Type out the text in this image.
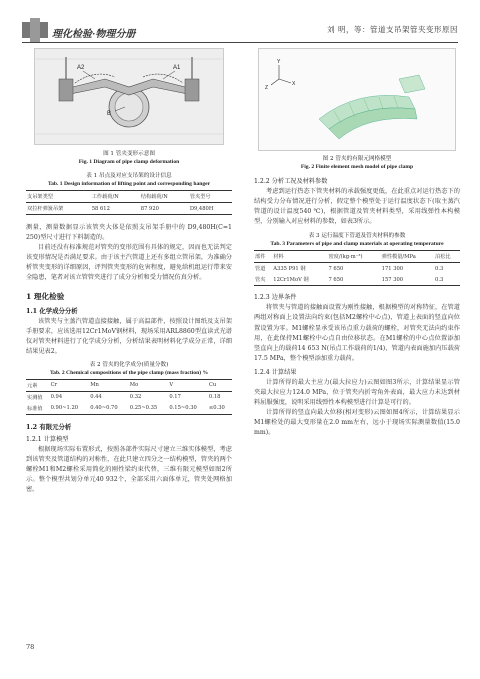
理化检验·物理分册	刘 明，等：管道支吊架管夹变形原因
A2	A1
B
图 1 管夹变形示意图
Fig. 1 Diagram of pipe clamp deformation
表 1 吊点及对应支吊架的设计信息
Tab. 1 Design information of lifting point and corresponding hanger
支吊架类型	工作载荷/N	结构载荷/N	管夹型号
双拉杆弹簧吊架	58 612	87 920	D9,480H

测量，测量数据显示该管夹大体是依照支吊架手册中的 D9,480H(C=1 250)型尺寸进行下料制造的。

目前还没有标准规范对管夹的变形范围有具体的规定，因而也无法判定该变形情况是否满足要求。由于该主汽管道上还有多组立管吊架，为准确分析管夹变形的详细原因，评判管夹变形的危害程度，避免给机组运行带来安全隐患，笔者对该立管管夹进行了成分分析和受力情况仿真分析。

1 理化检验
1.1 化学成分分析

该管夹与主蒸汽管道直接接触，属于高温部件，按照设计图纸及支吊架手册要求，应该选用12Cr1MoV钢材料，现场采用ARL8860型直读式光谱仪对管夹材料进行了化学成分分析，分析结果表明材料化学成分正常，详细结果见表2。

表 2 管夹的化学成分(质量分数)
Tab. 2 Chemical compositions of the pipe clamp (mass fraction) %
元素	Cr	Mn	Mo	V	Cu
实测值	0.94	0.44	0.32	0.17	0.18
标准值	0.90~1.20	0.40~0.70	0.25~0.35	0.15~0.30	≤0.30
1.2 有限元分析
1.2.1 计算模型

根据现场实际布置形式，按照各部件实际尺寸建立三维实体模型，考虑到该管夹及管道结构的对称性，在此只建立四分之一结构模型，管夹的两个螺栓M1和M2螺栓采用简化的刚性梁约束代替，三维有限元模型如图2所示。整个模型共划分单元40 932个，全部采用六面体单元，管夹处网格加密。

Y
X
Z
图 2 管夹的有限元网格模型
Fig. 2 Finite element mesh model of pipe clamp
1.2.2 分析工况及材料参数

考虑到运行热态下管夹材料的承载强度更低，在此重点对运行热态下的结构受力分布情况进行分析，假定整个模型处于运行温度状态下(取主蒸汽管道的设计温度540 ℃)，根据管道及管夹材料类型，采用线弹性本构模型，分别输入对应材料的参数，如表3所示。

表 3 运行温度下管道及管夹材料的参数
Tab. 3 Parameters of pipe and clamp materials at operating temperature
部件	材料	密度/(kg·m⁻³)	弹性模量/MPa	泊松比
管道	A335 P91 钢	7 650	171 300	0.3
管夹	12Cr1MoV 钢	7 650	157 300	0.3
1.2.3 边界条件

将管夹与管道的接触面设置为刚性接触，根据模型的对称特征，在管道两组对称面上设置法向约束(包括M2螺栓中心点)，管道上表面的竖直向位置设置为零。M1螺栓显承受该吊点重力载荷的螺栓，对管夹无法向约束作用，在此保持M1螺栓中心点自由位移状态。在M1螺栓的中心点位置添加竖直向上的载荷14 653 N(吊点工作载荷的1/4)，管道内表面施加内压载荷17.5 MPa，整个模型添加重力载荷。

1.2.4 计算结果

计算所得的最大主应力(最大拉应力)云图如图3所示，计算结果显示管夹最大拉应力124.0 MPa，位于管夹内折弯角外表面，最大应力未达到材料屈服强度，说明采用线弹性本构模型进行计算是可行的。

计算所得的竖直向最大位移(相对变形)云图如图4所示，计算结果显示M1螺栓处的最大变形量在2.0 mm左右，远小于现场实际测量数值(15.0 mm)。

78
